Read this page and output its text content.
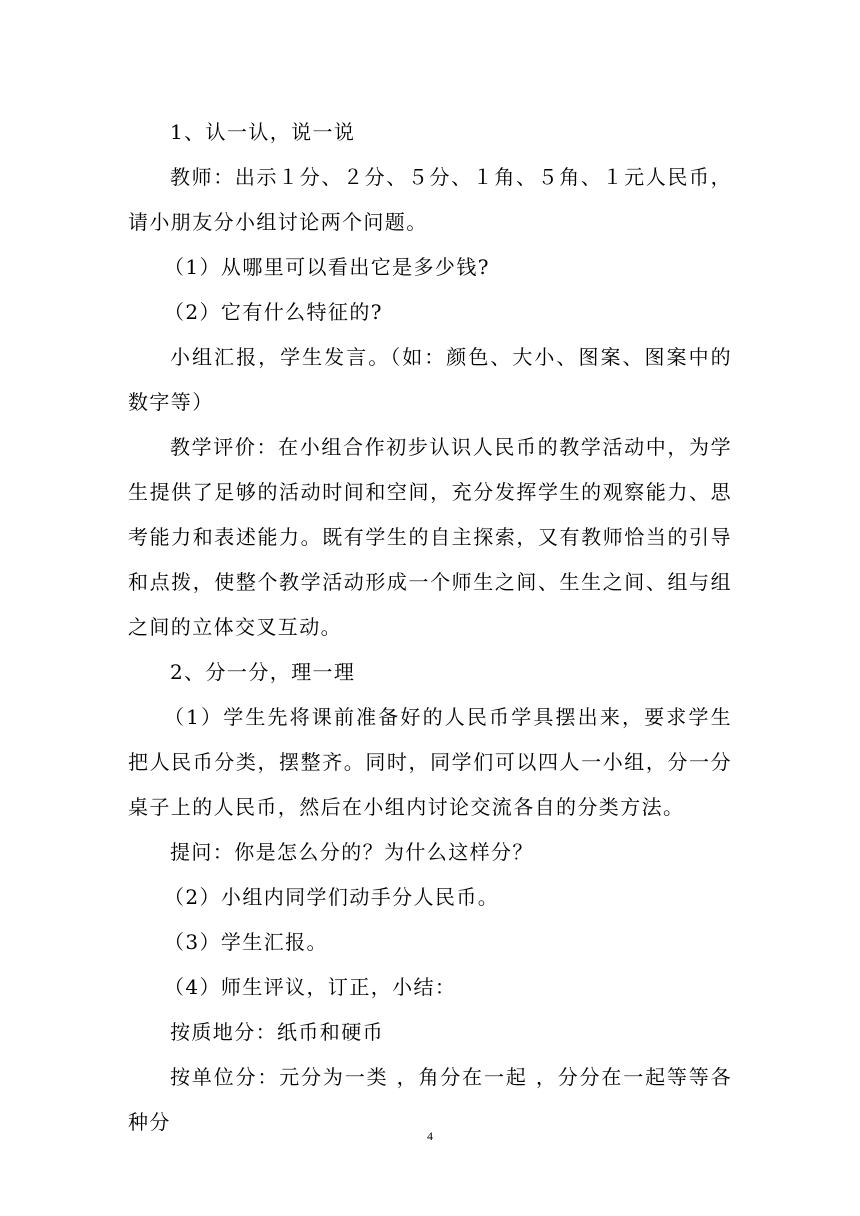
1、认一认，说一说

教师：出示１分、２分、５分、１角、５角、１元人民币，请小朋友分小组讨论两个问题。

（1）从哪里可以看出它是多少钱?

（2）它有什么特征的?

小组汇报，学生发言。（如：颜色、大小、图案、图案中的数字等）

教学评价：在小组合作初步认识人民币的教学活动中，为学生提供了足够的活动时间和空间，充分发挥学生的观察能力、思考能力和表述能力。既有学生的自主探索，又有教师恰当的引导和点拨，使整个教学活动形成一个师生之间、生生之间、组与组之间的立体交叉互动。

2、分一分，理一理

（1）学生先将课前准备好的人民币学具摆出来，要求学生把人民币分类，摆整齐。同时，同学们可以四人一小组，分一分桌子上的人民币，然后在小组内讨论交流各自的分类方法。

提问：你是怎么分的？为什么这样分？

（2）小组内同学们动手分人民币。

（3）学生汇报。

（4）师生评议，订正，小结：

按质地分：纸币和硬币

按单位分：元分为一类 ，角分在一起 ，分分在一起等等各种分

4
